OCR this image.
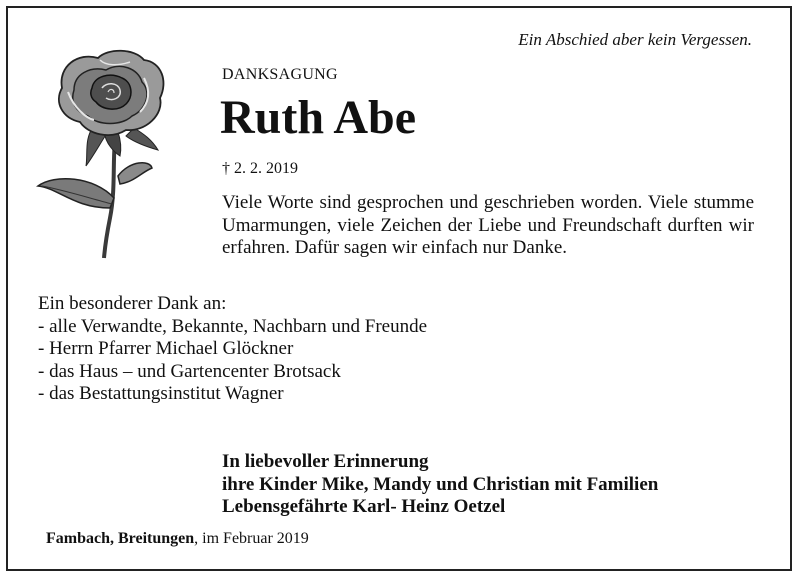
Ein Abschied aber kein Vergessen.
DANKSAGUNG
Ruth Abe
† 2. 2. 2019

Viele Worte sind gesprochen und geschrieben worden. Viele stumme Umarmungen, viele Zeichen der Liebe und Freundschaft durften wir erfahren. Dafür sagen wir einfach nur Danke.

Ein besonderer Dank an:
- alle Verwandte, Bekannte, Nachbarn und Freunde
- Herrn Pfarrer Michael Glöckner
- das Haus – und Gartencenter Brotsack
- das Bestattungsinstitut Wagner
In liebevoller Erinnerung
ihre Kinder Mike, Mandy und Christian mit Familien
Lebensgefährte Karl- Heinz Oetzel
Fambach, Breitungen, im Februar 2019
